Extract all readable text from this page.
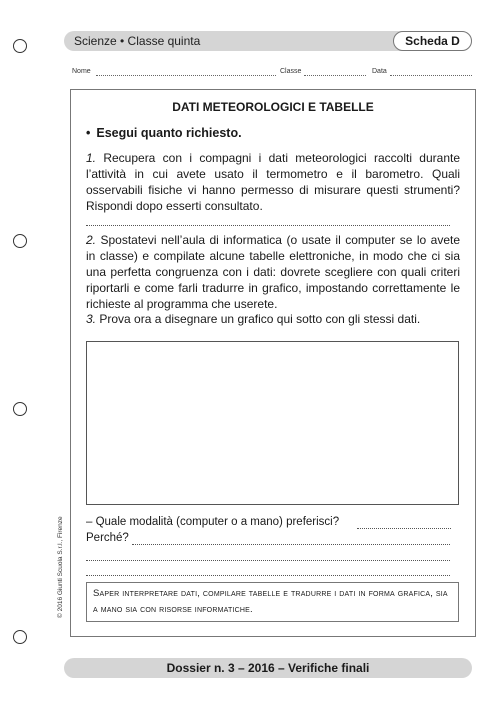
Scienze • Classe quinta	Scheda D
Nome	Classe	Data
DATI METEOROLOGICI E TABELLE
• Esegui quanto richiesto.
1. Recupera con i compagni i dati meteorologici raccolti durante l’attività in cui avete usato il termometro e il barometro. Quali osservabili fisiche vi hanno permesso di misurare questi strumenti? Rispondi dopo esserti consultato.
2. Spostatevi nell’aula di informatica (o usate il computer se lo avete in classe) e compilate alcune tabelle elettroniche, in modo che ci sia una perfetta congruenza con i dati: dovrete scegliere con quali criteri riportarli e come farli tradurre in grafico, impostando correttamente le richieste al programma che userete.
3. Prova ora a disegnare un grafico qui sotto con gli stessi dati.
– Quale modalità (computer o a mano) preferisci?
Perché?
Saper interpretare dati, compilare tabelle e tradurre i dati in forma grafica, sia a mano sia con risorse informatiche.
© 2016 Giunti Scuola S.r.l., Firenze
Dossier n. 3 – 2016 – Verifiche finali
